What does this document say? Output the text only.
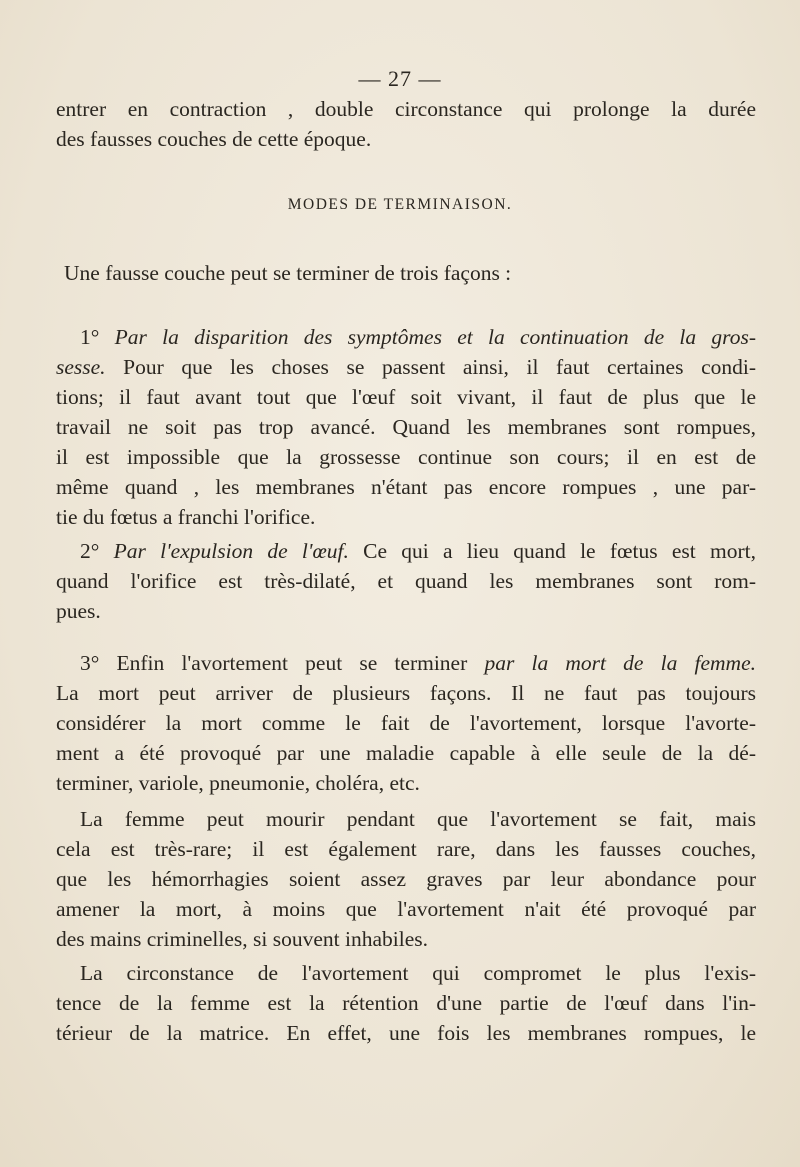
— 27 —
entrer en contraction , double circonstance qui prolonge la durée
des fausses couches de cette époque.
MODES DE TERMINAISON.
Une fausse couche peut se terminer de trois façons :
1° Par la disparition des symptômes et la continuation de la gros-
sesse. Pour que les choses se passent ainsi, il faut certaines condi-
tions; il faut avant tout que l'œuf soit vivant, il faut de plus que le
travail ne soit pas trop avancé. Quand les membranes sont rompues,
il est impossible que la grossesse continue son cours; il en est de
même quand , les membranes n'étant pas encore rompues , une par-
tie du fœtus a franchi l'orifice.
2° Par l'expulsion de l'œuf. Ce qui a lieu quand le fœtus est mort,
quand l'orifice est très-dilaté, et quand les membranes sont rom-
pues.
3° Enfin l'avortement peut se terminer par la mort de la femme.
La mort peut arriver de plusieurs façons. Il ne faut pas toujours
considérer la mort comme le fait de l'avortement, lorsque l'avorte-
ment a été provoqué par une maladie capable à elle seule de la dé-
terminer, variole, pneumonie, choléra, etc.
La femme peut mourir pendant que l'avortement se fait, mais
cela est très-rare; il est également rare, dans les fausses couches,
que les hémorrhagies soient assez graves par leur abondance pour
amener la mort, à moins que l'avortement n'ait été provoqué par
des mains criminelles, si souvent inhabiles.
La circonstance de l'avortement qui compromet le plus l'exis-
tence de la femme est la rétention d'une partie de l'œuf dans l'in-
térieur de la matrice. En effet, une fois les membranes rompues, le
